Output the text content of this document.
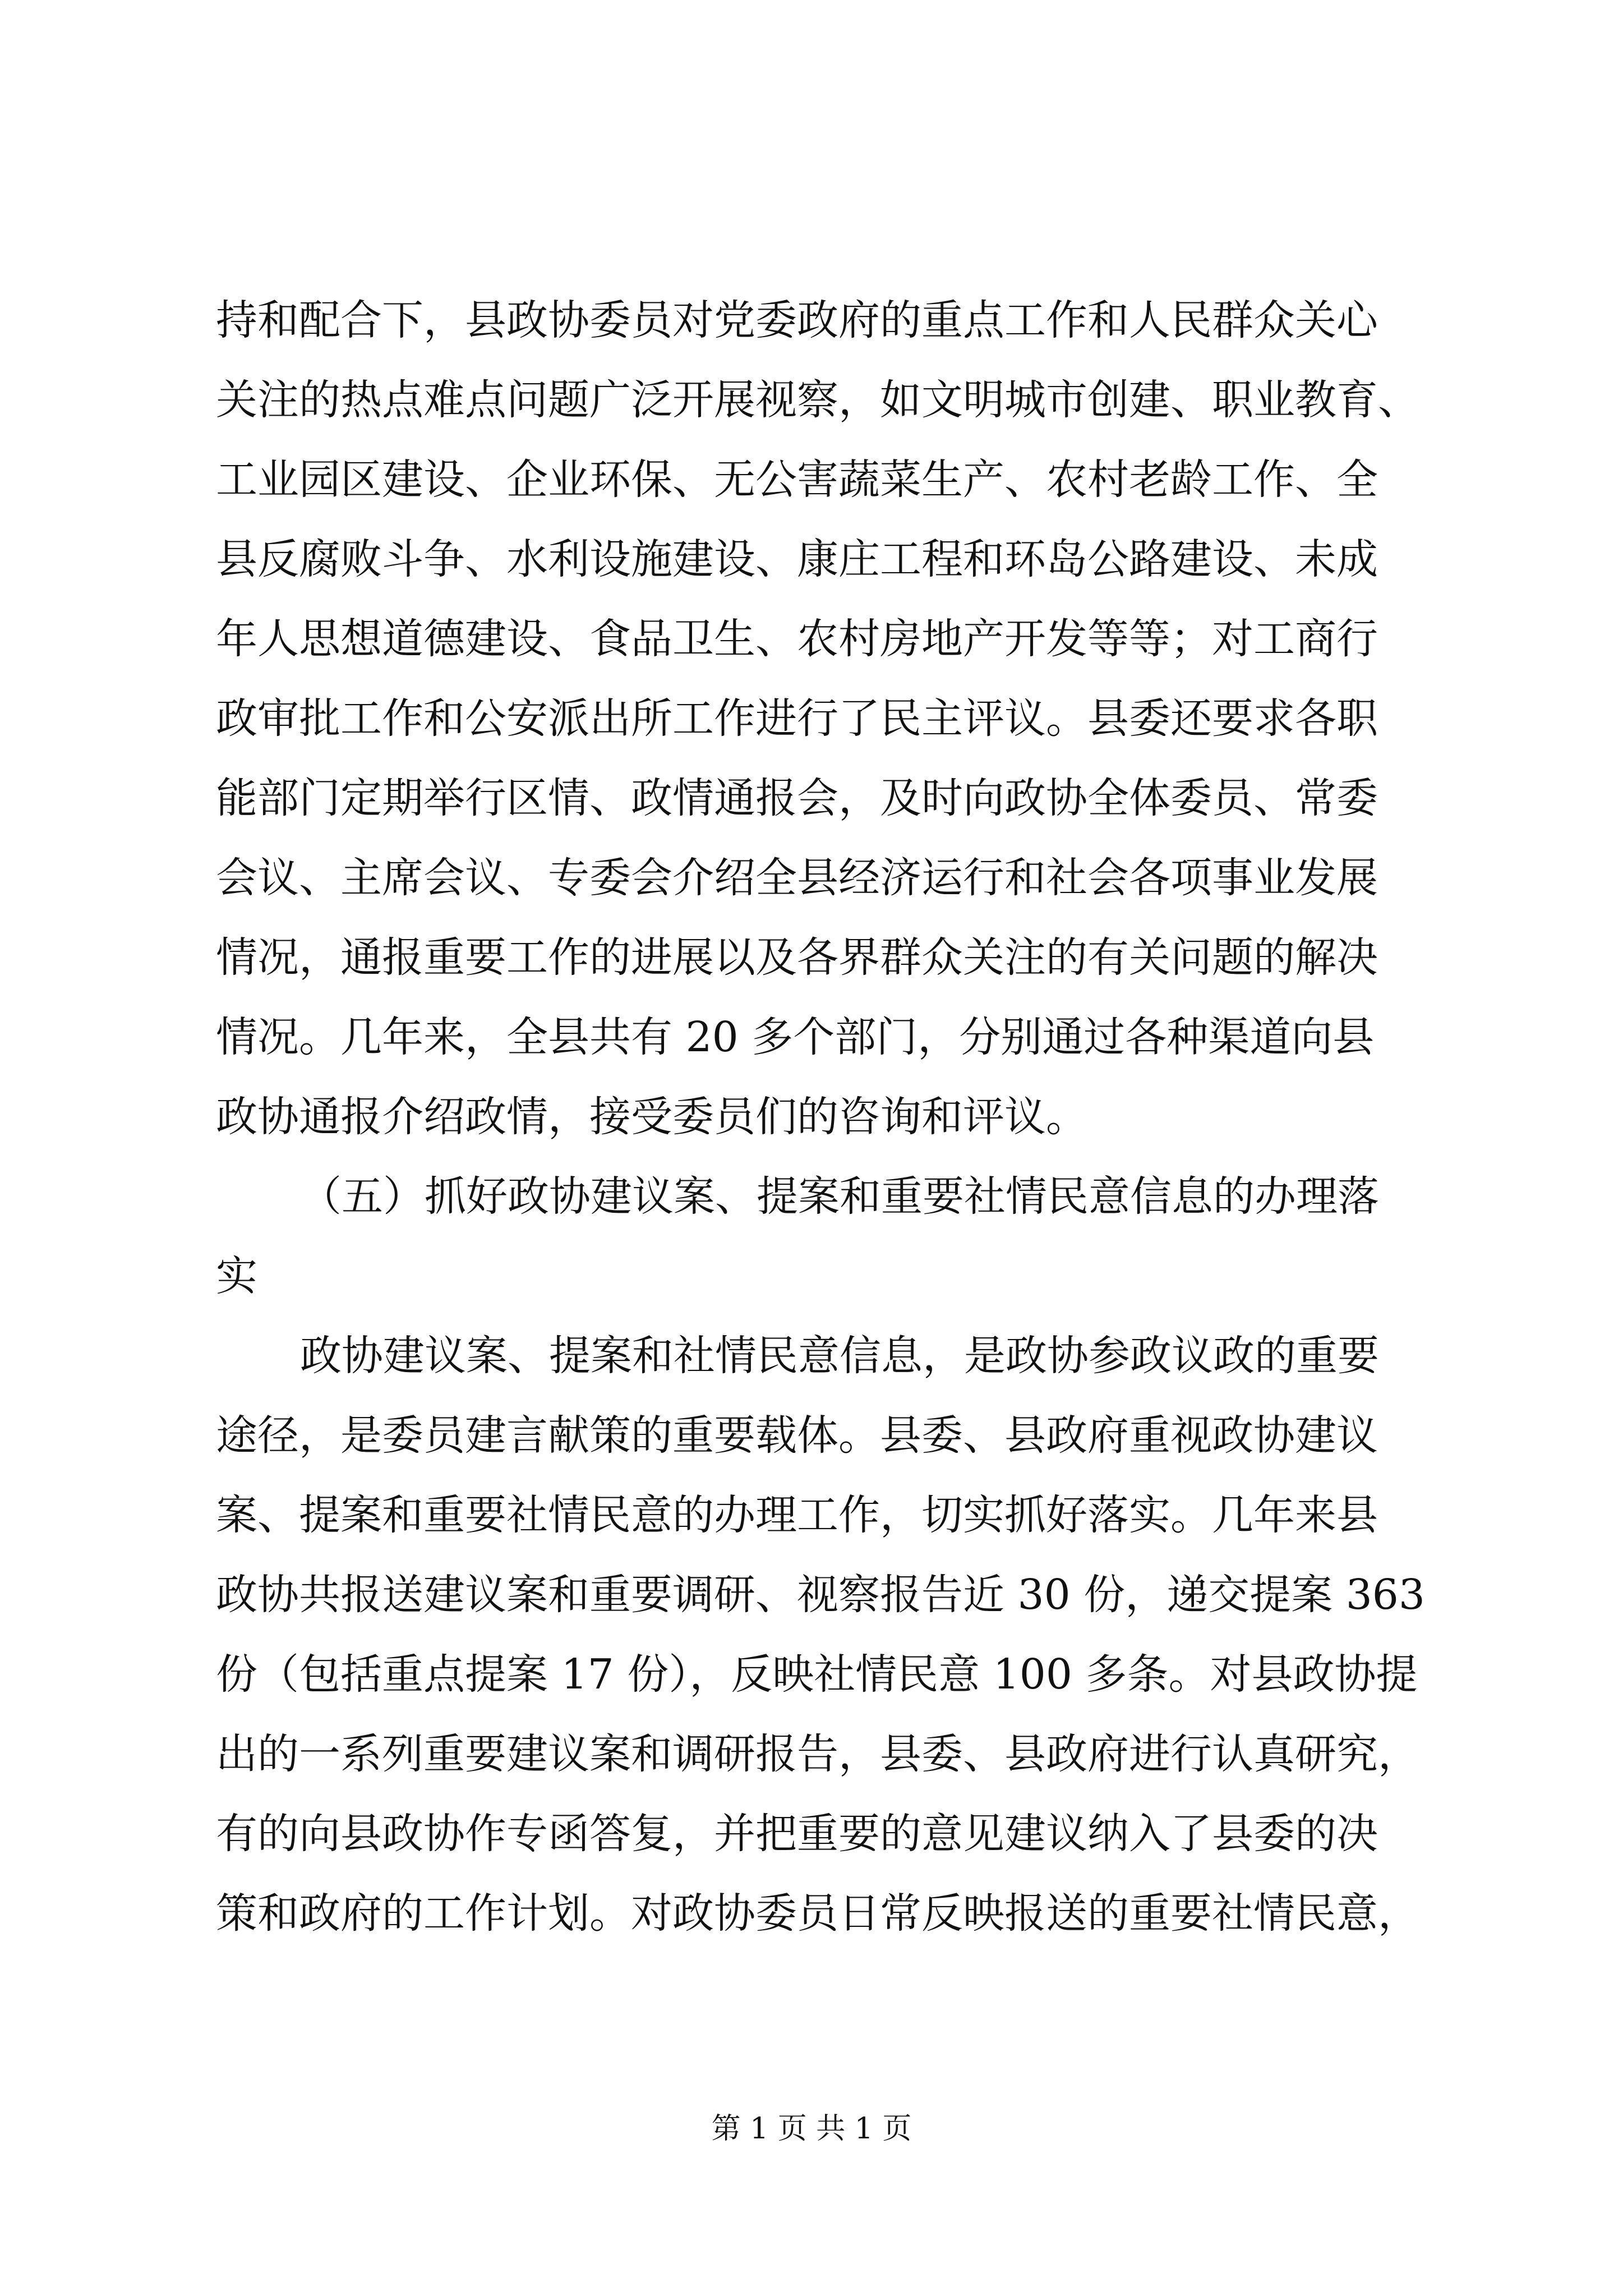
持和配合下，县政协委员对党委政府的重点工作和人民群众关心
关注的热点难点问题广泛开展视察，如文明城市创建、职业教育、
工业园区建设、企业环保、无公害蔬菜生产、农村老龄工作、全
县反腐败斗争、水利设施建设、康庄工程和环岛公路建设、未成
年人思想道德建设、食品卫生、农村房地产开发等等；对工商行
政审批工作和公安派出所工作进行了民主评议。县委还要求各职
能部门定期举行区情、政情通报会，及时向政协全体委员、常委
会议、主席会议、专委会介绍全县经济运行和社会各项事业发展
情况，通报重要工作的进展以及各界群众关注的有关问题的解决
情况。几年来，全县共有 20 多个部门，分别通过各种渠道向县
政协通报介绍政情，接受委员们的咨询和评议。
（五）抓好政协建议案、提案和重要社情民意信息的办理落
实
政协建议案、提案和社情民意信息，是政协参政议政的重要
途径，是委员建言献策的重要载体。县委、县政府重视政协建议
案、提案和重要社情民意的办理工作，切实抓好落实。几年来县
政协共报送建议案和重要调研、视察报告近 30 份，递交提案 363
份（包括重点提案 17 份），反映社情民意 100 多条。对县政协提
出的一系列重要建议案和调研报告，县委、县政府进行认真研究，
有的向县政协作专函答复，并把重要的意见建议纳入了县委的决
策和政府的工作计划。对政协委员日常反映报送的重要社情民意，
第 1 页 共 1 页
